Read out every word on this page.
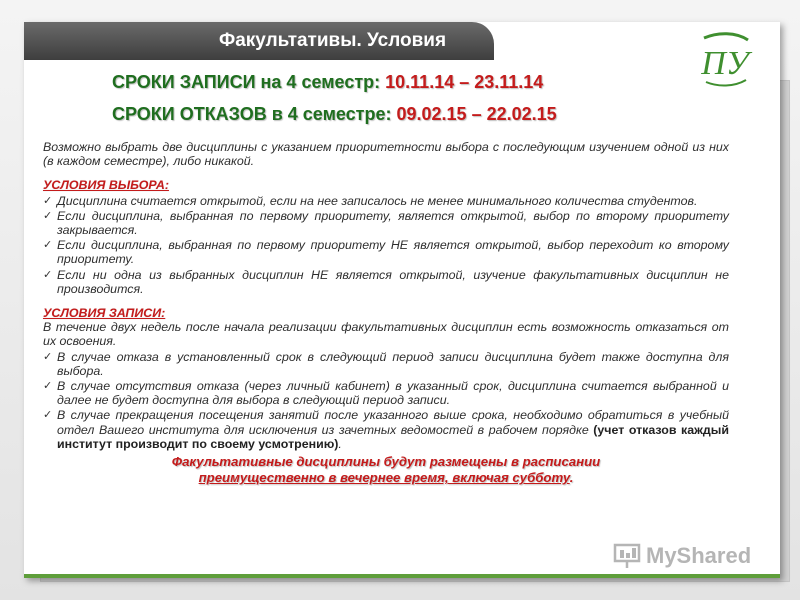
Факультативы. Условия
ПУ
СРОКИ ЗАПИСИ на 4 семестр: 10.11.14 – 23.11.14
СРОКИ ОТКАЗОВ в 4 семестре: 09.02.15 – 22.02.15

Возможно выбрать две дисциплины с указанием приоритетности выбора с последующим изучением одной из них (в каждом семестре), либо никакой.

УСЛОВИЯ ВЫБОРА:
✓ Дисциплина считается открытой, если на нее записалось не менее минимального количества студентов.
✓ Если дисциплина, выбранная по первому приоритету, является открытой, выбор по второму приоритету закрывается.
✓ Если дисциплина, выбранная по первому приоритету НЕ является открытой, выбор переходит ко второму приоритету.
✓ Если ни одна из выбранных дисциплин НЕ является открытой, изучение факультативных дисциплин не производится.
УСЛОВИЯ ЗАПИСИ:

В течение двух недель после начала реализации факультативных дисциплин есть возможность отказаться от их освоения.

✓ В случае отказа в установленный срок в следующий период записи дисциплина будет также доступна для выбора.
✓ В случае отсутствия отказа (через личный кабинет) в указанный срок, дисциплина считается выбранной и далее не будет доступна для выбора в следующий период записи.
✓ В случае прекращения посещения занятий после указанного выше срока, необходимо обратиться в учебный отдел Вашего института для исключения из зачетных ведомостей в рабочем порядке (учет отказов каждый институт производит по своему усмотрению).
Факультативные дисциплины будут размещены в расписании
преимущественно в вечернее время, включая субботу.
MyShared
